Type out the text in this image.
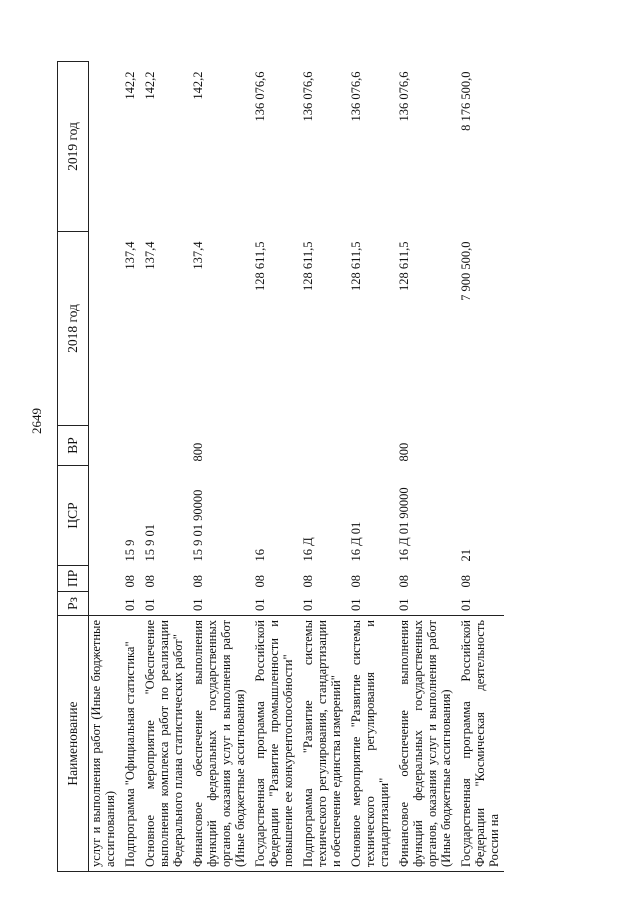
2649
Наименование	Рз	ПР	ЦСР	ВР	2018 год	2019 год
услуг и выполнения работ (Иные бюджетные ассигнования)						
Подпрограмма "Официальная статистика"	01	08	15 9		137,4	142,2
Основное мероприятие "Обеспечение выполнения комплекса работ по реализации Федерального плана статистических работ"	01	08	15 9 01		137,4	142,2
Финансовое обеспечение выполнения функций федеральных государственных органов, оказания услуг и выполнения работ (Иные бюджетные ассигнования)	01	08	15 9 01 90000	800	137,4	142,2
Государственная программа Российской Федерации "Развитие промышленности и повышение ее конкурентоспособности"	01	08	16		128 611,5	136 076,6
Подпрограмма "Развитие системы технического регулирования, стандартизации и обеспечение единства измерений"	01	08	16 Д		128 611,5	136 076,6
Основное мероприятие "Развитие системы технического регулирования и стандартизации"	01	08	16 Д 01		128 611,5	136 076,6
Финансовое обеспечение выполнения функций федеральных государственных органов, оказания услуг и выполнения работ (Иные бюджетные ассигнования)	01	08	16 Д 01 90000	800	128 611,5	136 076,6
Государственная программа Российской Федерации "Космическая деятельность России на	01	08	21		7 900 500,0	8 176 500,0
